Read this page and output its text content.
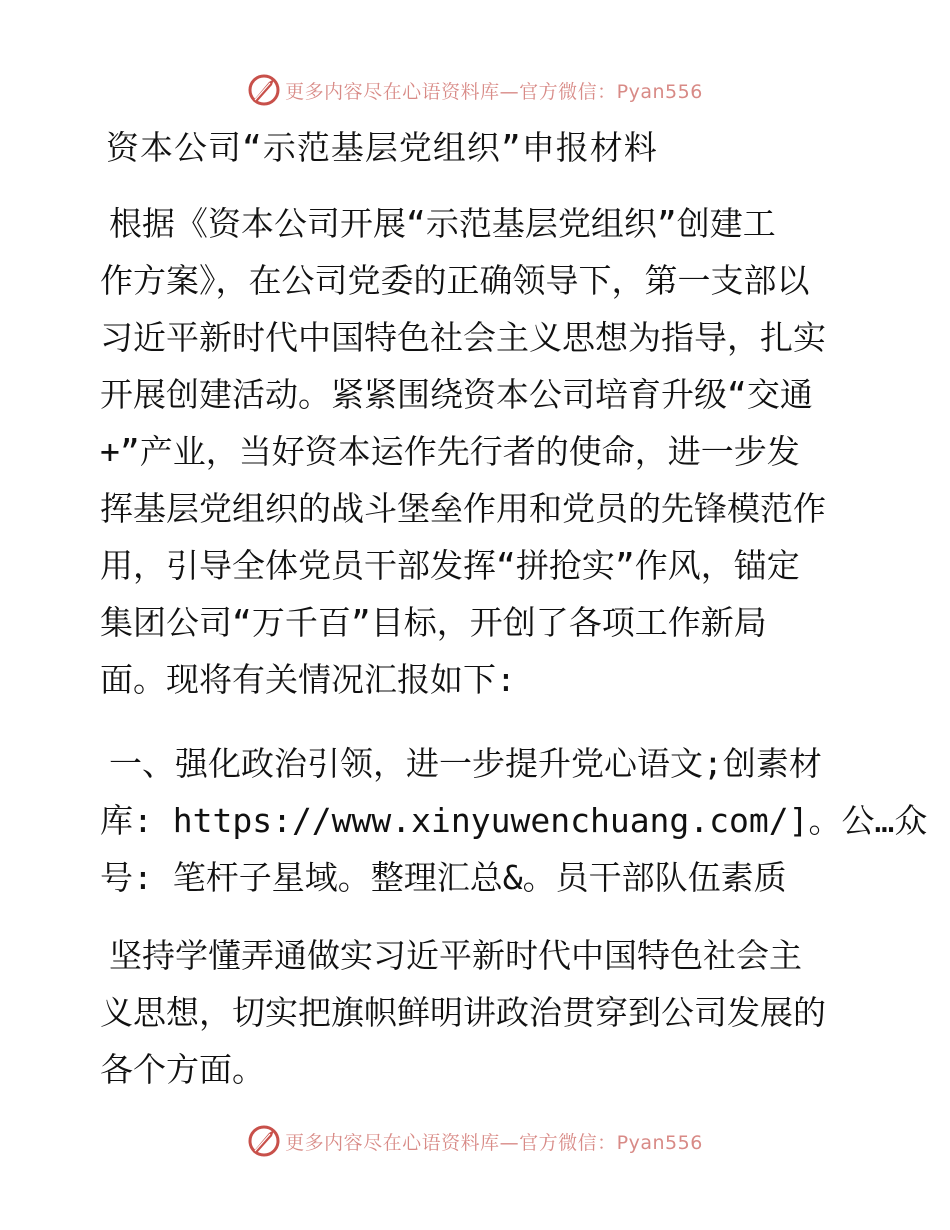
更多内容尽在心语资料库—官方微信：Pyan556
资本公司“示范基层党组织”申报材料
根据《资本公司开展“示范基层党组织”创建工
作方案》，在公司党委的正确领导下，第一支部以
习近平新时代中国特色社会主义思想为指导，扎实
开展创建活动。紧紧围绕资本公司培育升级“交通
+”产业，当好资本运作先行者的使命，进一步发
挥基层党组织的战斗堡垒作用和党员的先锋模范作
用，引导全体党员干部发挥“拼抢实”作风，锚定
集团公司“万千百”目标，开创了各项工作新局
面。现将有关情况汇报如下:
一、强化政治引领，进一步提升党心语文;创素材
库: https://www.xinyuwenchuang.com/]。公…众
号: 笔杆子星域。整理汇总&。员干部队伍素质
坚持学懂弄通做实习近平新时代中国特色社会主
义思想，切实把旗帜鲜明讲政治贯穿到公司发展的
各个方面。
更多内容尽在心语资料库—官方微信：Pyan556
